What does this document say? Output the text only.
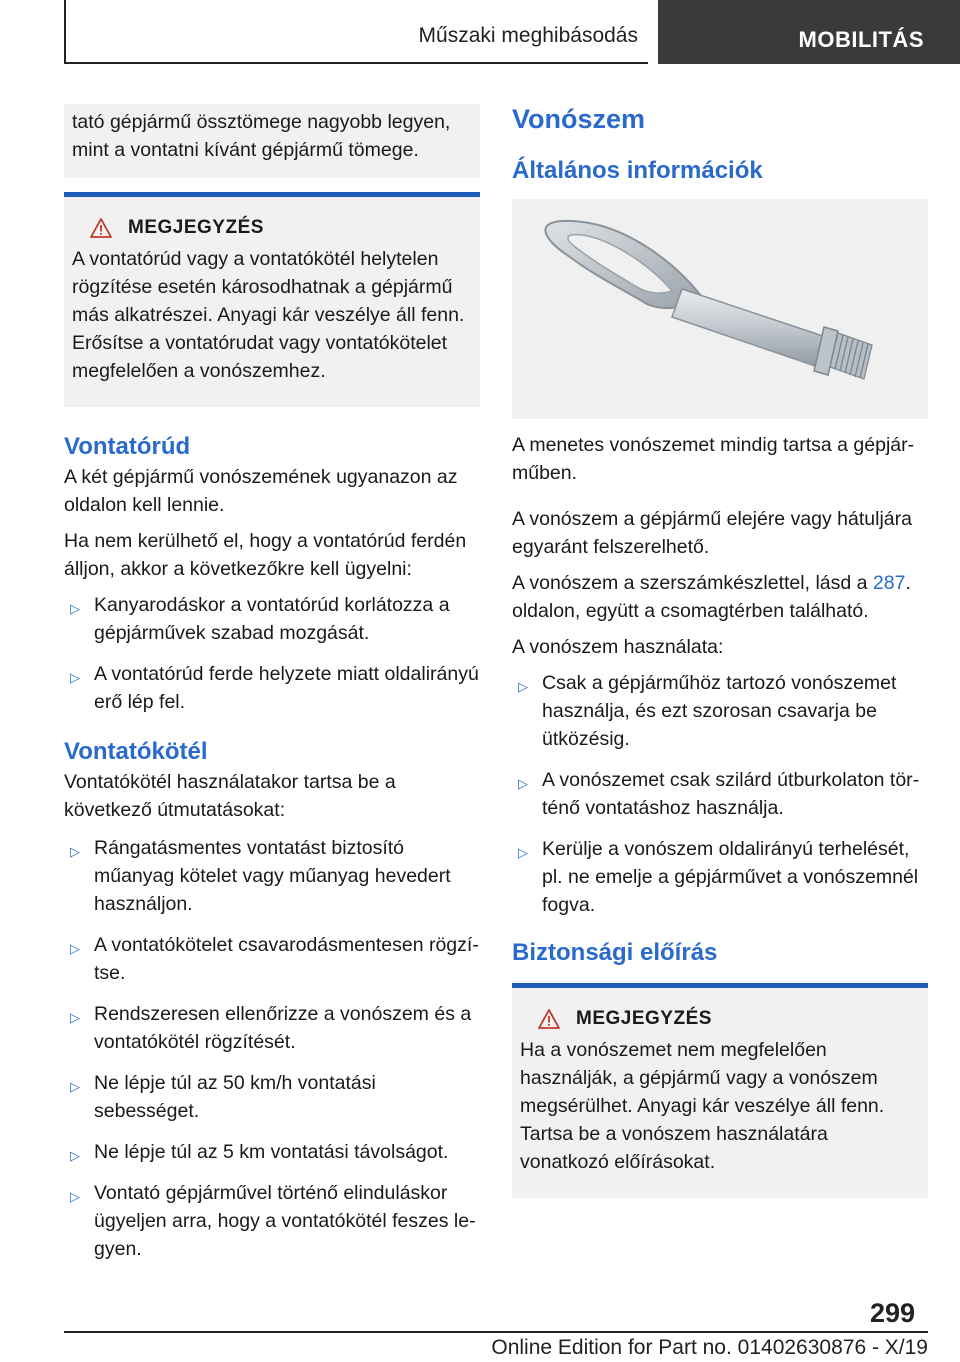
Műszaki meghibásodás	MOBILITÁS

tató gépjármű össztömege nagyobb legyen, mint a vontatni kívánt gépjármű tömege.

MEGJEGYZÉS

A vontatórúd vagy a vontatókötél helytelen rögzítése esetén károsodhatnak a gépjármű más alkatrészei. Anyagi kár veszélye áll fenn. Erősítse a vontatórudat vagy vontatókötelet megfelelően a vonószemhez.

Vontatórúd

A két gépjármű vonószemének ugyanazon az oldalon kell lennie.

Ha nem kerülhető el, hogy a vontatórúd ferdén álljon, akkor a következőkre kell ügyelni:

▷ Kanyarodáskor a vontatórúd korlátozza a gépjárművek szabad mozgását.
▷ A vontatórúd ferde helyzete miatt oldalirányú erő lép fel.
Vontatókötél

Vontatókötél használatakor tartsa be a következő útmutatásokat:

▷ Rángatásmentes vontatást biztosító műanyag kötelet vagy műanyag hevedert használjon.
▷ A vontatókötelet csavarodásmentesen rögzítse.
▷ Rendszeresen ellenőrizze a vonószem és a vontatókötél rögzítését.
▷ Ne lépje túl az 50 km/h vontatási sebességet.
▷ Ne lépje túl az 5 km vontatási távolságot.
▷ Vontató gépjárművel történő elinduláskor ügyeljen arra, hogy a vontatókötél feszes legyen.
Vonószem
Általános információk

A menetes vonószemet mindig tartsa a gépjárműben.

A vonószem a gépjármű elejére vagy hátuljára egyaránt felszerelhető.

A vonószem a szerszámkészlettel, lásd a 287. oldalon, együtt a csomagtérben található.

A vonószem használata:

▷ Csak a gépjárműhöz tartozó vonószemet használja, és ezt szorosan csavarja be ütközésig.
▷ A vonószemet csak szilárd útburkolaton történő vontatáshoz használja.
▷ Kerülje a vonószem oldalirányú terhelését, pl. ne emelje a gépjárművet a vonószemnél fogva.
Biztonsági előírás
MEGJEGYZÉS

Ha a vonószemet nem megfelelően használják, a gépjármű vagy a vonószem megsérülhet. Anyagi kár veszélye áll fenn. Tartsa be a vonószem használatára vonatkozó előírásokat.

299
Online Edition for Part no. 01402630876 - X/19
